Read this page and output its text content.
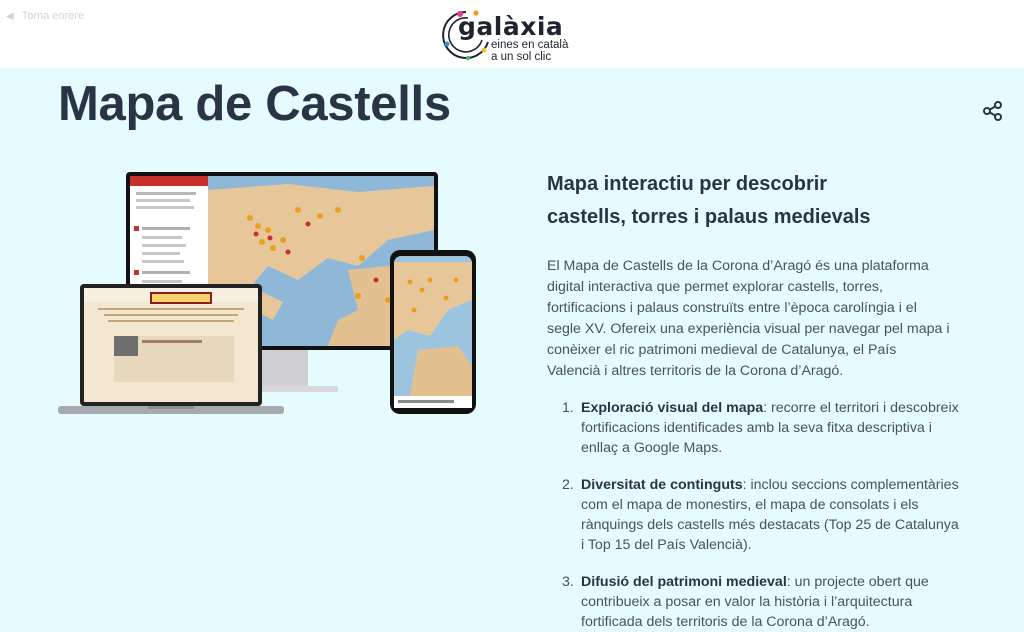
◀ Torna enrere	galàxia
eines en català
a un sol clic
Mapa de Castells
Mapa interactiu per descobrir
castells, torres i palaus medievals

El Mapa de Castells de la Corona d’Aragó és una plataforma digital interactiva que permet explorar castells, torres, fortificacions i palaus construïts entre l’època carolíngia i el segle XV. Ofereix una experiència visual per navegar pel mapa i conèixer el ric patrimoni medieval de Catalunya, el País Valencià i altres territoris de la Corona d’Aragó.

1. Exploració visual del mapa: recorre el territori i descobreix fortificacions identificades amb la seva fitxa descriptiva i enllaç a Google Maps.
2. Diversitat de continguts: inclou seccions complementàries com el mapa de monestirs, el mapa de consolats i els rànquings dels castells més destacats (Top 25 de Catalunya i Top 15 del País Valencià).
3. Difusió del patrimoni medieval: un projecte obert que contribueix a posar en valor la història i l’arquitectura fortificada dels territoris de la Corona d’Aragó.
